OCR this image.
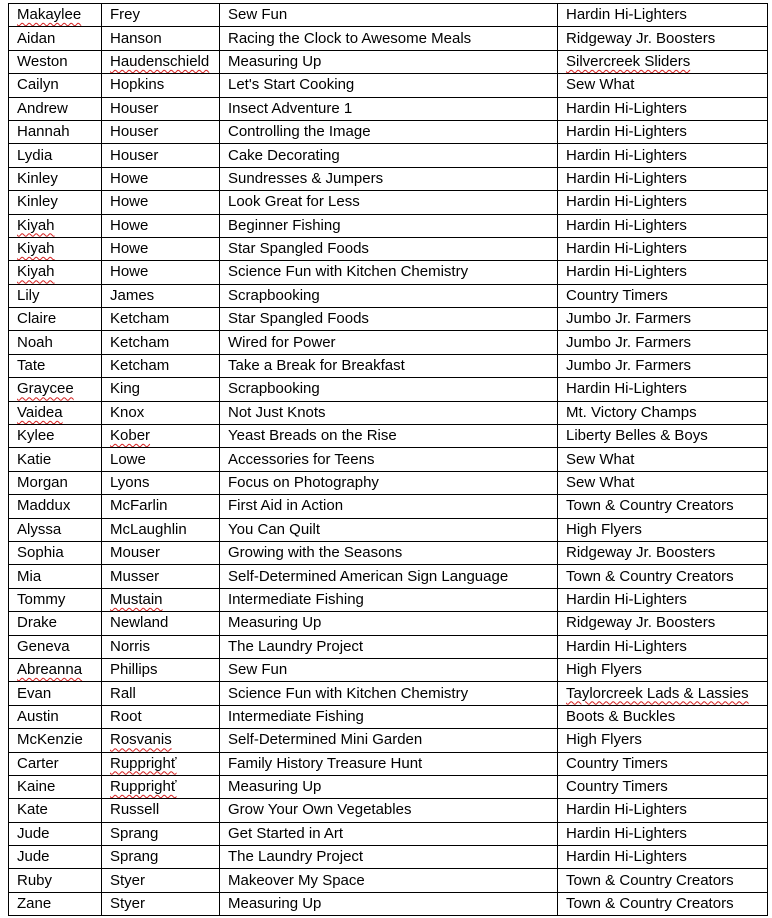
Makaylee	Frey	Sew Fun	Hardin Hi-Lighters
Aidan	Hanson	Racing the Clock to Awesome Meals	Ridgeway Jr. Boosters
Weston	Haudenschield	Measuring Up	Silvercreek Sliders
Cailyn	Hopkins	Let's Start Cooking	Sew What
Andrew	Houser	Insect Adventure 1	Hardin Hi-Lighters
Hannah	Houser	Controlling the Image	Hardin Hi-Lighters
Lydia	Houser	Cake Decorating	Hardin Hi-Lighters
Kinley	Howe	Sundresses & Jumpers	Hardin Hi-Lighters
Kinley	Howe	Look Great for Less	Hardin Hi-Lighters
Kiyah	Howe	Beginner Fishing	Hardin Hi-Lighters
Kiyah	Howe	Star Spangled Foods	Hardin Hi-Lighters
Kiyah	Howe	Science Fun with Kitchen Chemistry	Hardin Hi-Lighters
Lily	James	Scrapbooking	Country Timers
Claire	Ketcham	Star Spangled Foods	Jumbo Jr. Farmers
Noah	Ketcham	Wired for Power	Jumbo Jr. Farmers
Tate	Ketcham	Take a Break for Breakfast	Jumbo Jr. Farmers
Graycee	King	Scrapbooking	Hardin Hi-Lighters
Vaidea	Knox	Not Just Knots	Mt. Victory Champs
Kylee	Kober	Yeast Breads on the Rise	Liberty Belles & Boys
Katie	Lowe	Accessories for Teens	Sew What
Morgan	Lyons	Focus on Photography	Sew What
Maddux	McFarlin	First Aid in Action	Town & Country Creators
Alyssa	McLaughlin	You Can Quilt	High Flyers
Sophia	Mouser	Growing with the Seasons	Ridgeway Jr. Boosters
Mia	Musser	Self-Determined American Sign Language	Town & Country Creators
Tommy	Mustain	Intermediate Fishing	Hardin Hi-Lighters
Drake	Newland	Measuring Up	Ridgeway Jr. Boosters
Geneva	Norris	The Laundry Project	Hardin Hi-Lighters
Abreanna	Phillips	Sew Fun	High Flyers
Evan	Rall	Science Fun with Kitchen Chemistry	Taylorcreek Lads & Lassies
Austin	Root	Intermediate Fishing	Boots & Buckles
McKenzie	Rosvanis	Self-Determined Mini Garden	High Flyers
Carter	Rupprighť	Family History Treasure Hunt	Country Timers
Kaine	Rupprighť	Measuring Up	Country Timers
Kate	Russell	Grow Your Own Vegetables	Hardin Hi-Lighters
Jude	Sprang	Get Started in Art	Hardin Hi-Lighters
Jude	Sprang	The Laundry Project	Hardin Hi-Lighters
Ruby	Styer	Makeover My Space	Town & Country Creators
Zane	Styer	Measuring Up	Town & Country Creators
